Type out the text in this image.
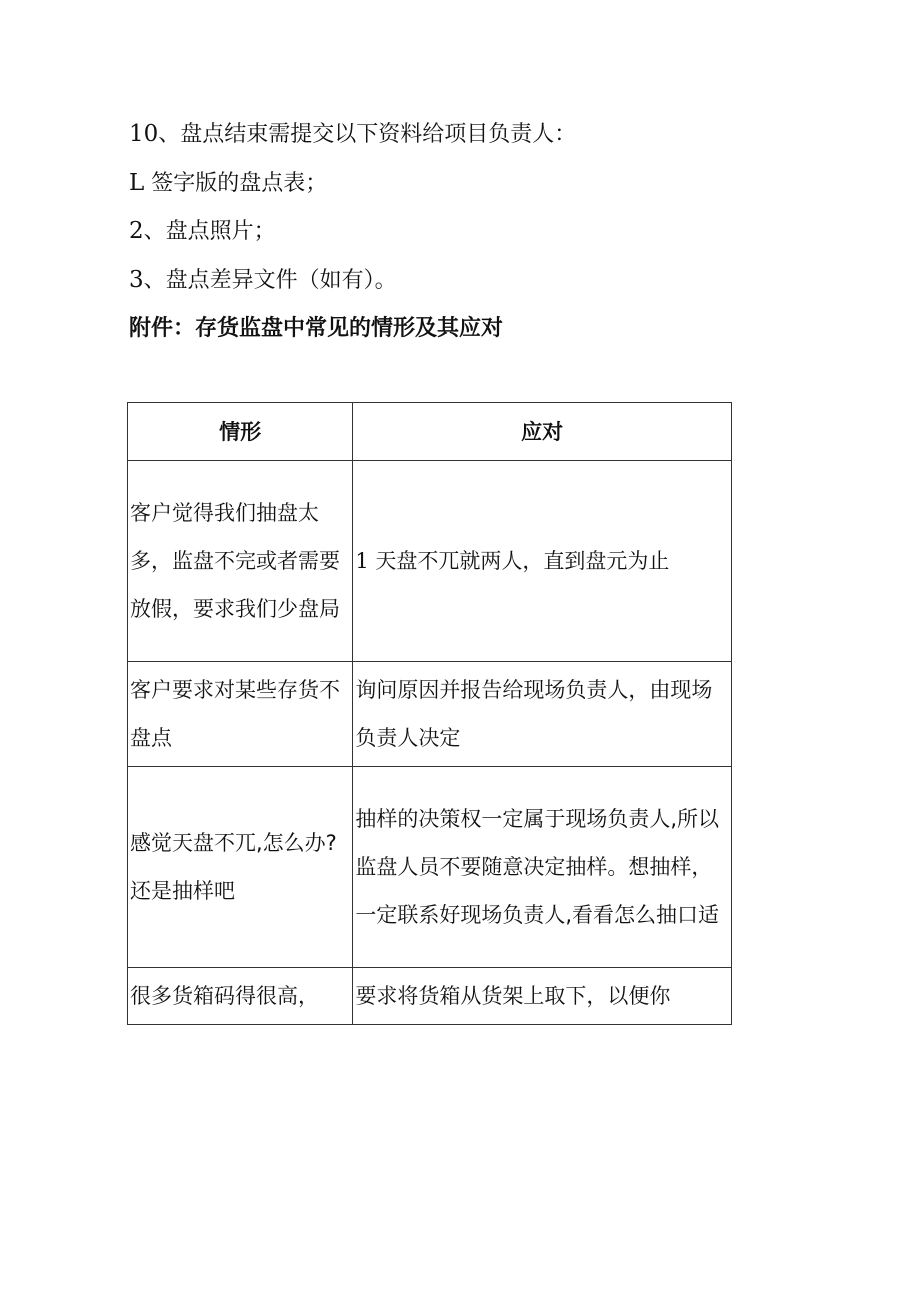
10、盘点结束需提交以下资料给项目负责人：
L 签字版的盘点表；
2、盘点照片；
3、盘点差异文件（如有）。
附件：存货监盘中常见的情形及其应对
情形	应对
客户觉得我们抽盘太多，监盘不完或者需要放假，要求我们少盘局	1 天盘不兀就两人，直到盘元为止
客户要求对某些存货不盘点	询问原因并报告给现场负责人，由现场负责人决定
感觉天盘不兀,怎么办?还是抽样吧	抽样的决策权一定属于现场负责人,所以监盘人员不要随意决定抽样。想抽样，一定联系好现场负责人,看看怎么抽口适
很多货箱码得很高，	要求将货箱从货架上取下，以便你
